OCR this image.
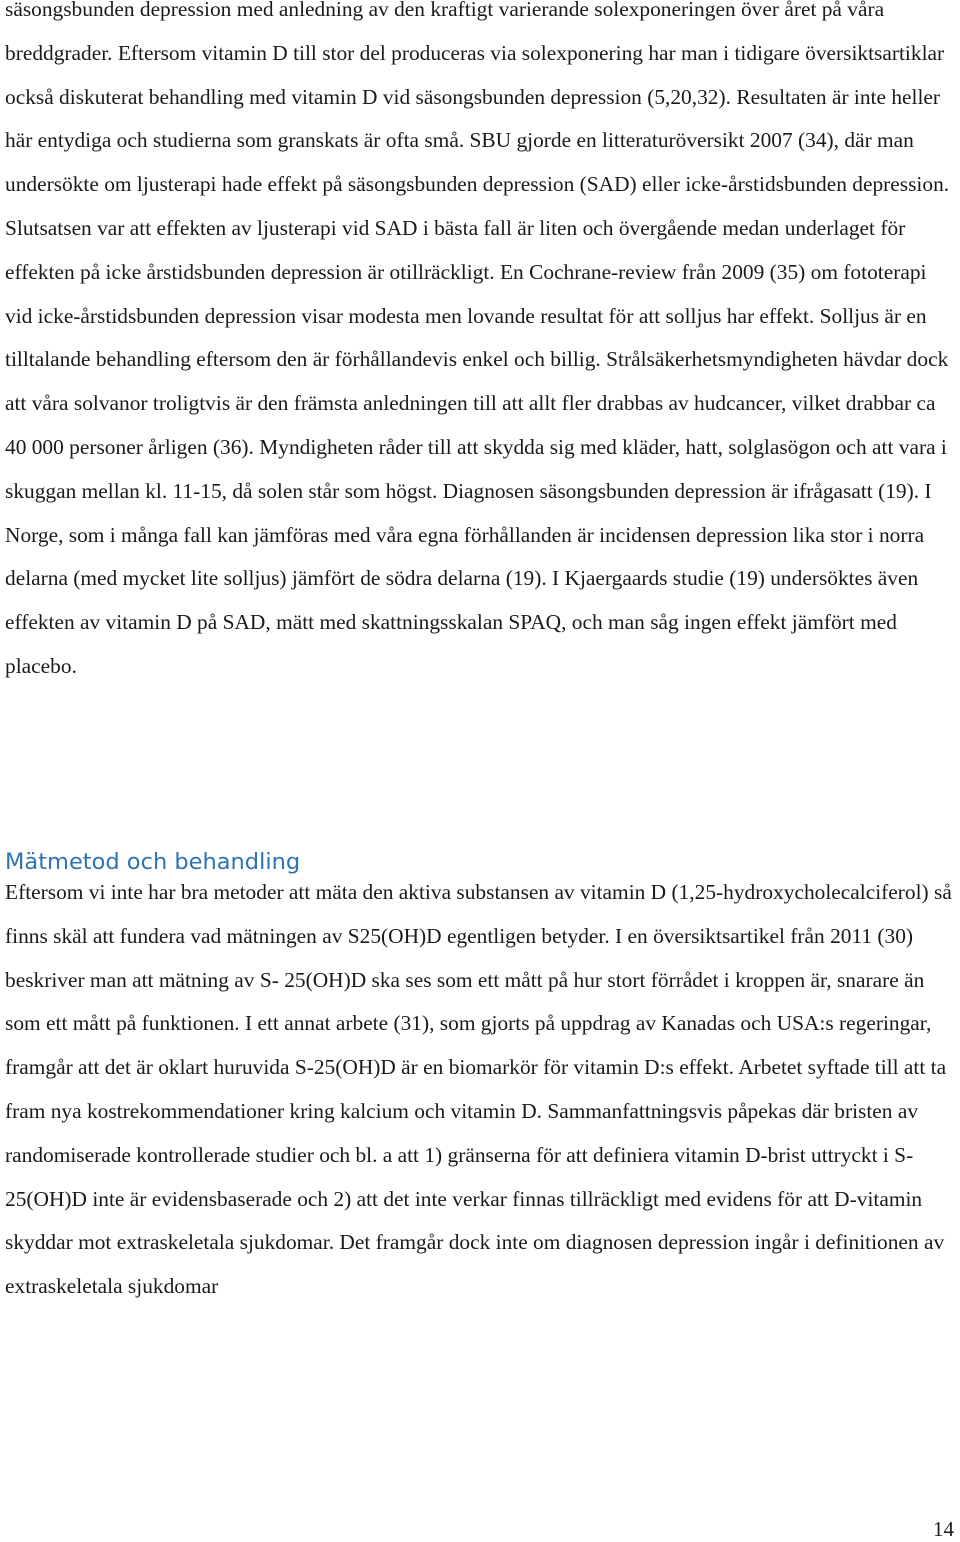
säsongsbunden depression med anledning av den kraftigt varierande solexponeringen över året på våra breddgrader. Eftersom vitamin D till stor del produceras via solexponering har man i tidigare översiktsartiklar också diskuterat behandling med vitamin D vid säsongsbunden depression (5,20,32). Resultaten är inte heller här entydiga och studierna som granskats är ofta små. SBU gjorde en litteraturöversikt 2007 (34), där man undersökte om ljusterapi hade effekt på säsongsbunden depression (SAD) eller icke-årstidsbunden depression. Slutsatsen var att effekten av ljusterapi vid SAD i bästa fall är liten och övergående medan underlaget för effekten på icke årstidsbunden depression är otillräckligt. En Cochrane-review från 2009 (35) om fototerapi vid icke-årstidsbunden depression visar modesta men lovande resultat för att solljus har effekt. Solljus är en tilltalande behandling eftersom den är förhållandevis enkel och billig. Strålsäkerhetsmyndigheten hävdar dock att våra solvanor troligtvis är den främsta anledningen till att allt fler drabbas av hudcancer, vilket drabbar ca 40 000 personer årligen (36). Myndigheten råder till att skydda sig med kläder, hatt, solglasögon och att vara i skuggan mellan kl. 11-15, då solen står som högst. Diagnosen säsongsbunden depression är ifrågasatt (19). I Norge, som i många fall kan jämföras med våra egna förhållanden är incidensen depression lika stor i norra delarna (med mycket lite solljus) jämfört de södra delarna (19). I Kjaergaards studie (19) undersöktes även effekten av vitamin D på SAD, mätt med skattningsskalan SPAQ, och man såg ingen effekt jämfört med placebo.

Mätmetod och behandling

Eftersom vi inte har bra metoder att mäta den aktiva substansen av vitamin D (1,25-hydroxycholecalciferol) så finns skäl att fundera vad mätningen av S25(OH)D egentligen betyder. I en översiktsartikel från 2011 (30) beskriver man att mätning av S- 25(OH)D ska ses som ett mått på hur stort förrådet i kroppen är, snarare än som ett mått på funktionen. I ett annat arbete (31), som gjorts på uppdrag av Kanadas och USA:s regeringar, framgår att det är oklart huruvida S-25(OH)D är en biomarkör för vitamin D:s effekt. Arbetet syftade till att ta fram nya kostrekommendationer kring kalcium och vitamin D. Sammanfattningsvis påpekas där bristen av randomiserade kontrollerade studier och bl. a att 1) gränserna för att definiera vitamin D-brist uttryckt i S-25(OH)D inte är evidensbaserade och 2) att det inte verkar finnas tillräckligt med evidens för att D-vitamin skyddar mot extraskeletala sjukdomar. Det framgår dock inte om diagnosen depression ingår i definitionen av extraskeletala sjukdomar

14
